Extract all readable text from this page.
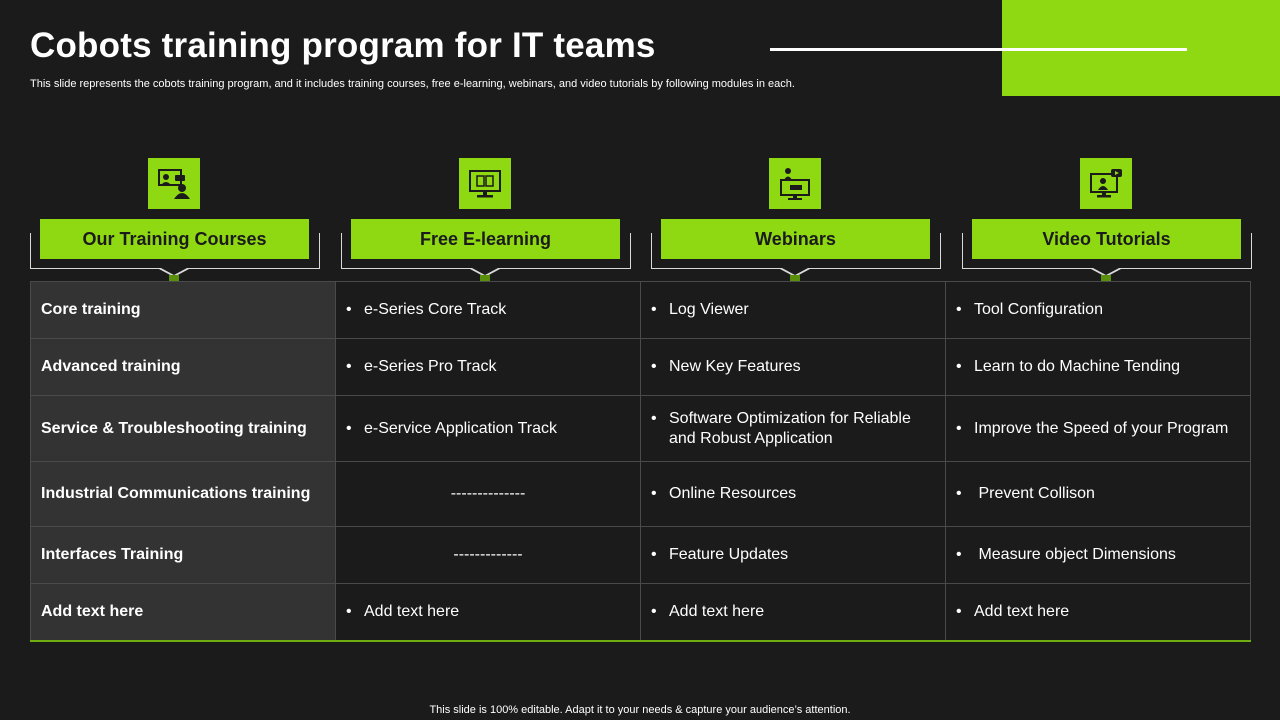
Cobots training program for IT teams

This slide represents the cobots training program, and it includes training courses, free e-learning, webinars, and video tutorials by following modules in each.

Our Training Courses	Free E-learning	Webinars	Video Tutorials
Core training	• e-Series Core Track	• Log Viewer	• Tool Configuration

Advanced training	• e-Series Pro Track	• New Key Features	• Learn to do Machine Tending

Service & Troubleshooting training	• e-Service Application Track	• Software Optimization for Reliable and Robust Application	• Improve the Speed of your Program

Industrial Communications training	--------------	• Online Resources	• Prevent Collison

Interfaces Training	-------------	• Feature Updates	• Measure object Dimensions

Add text here	• Add text here	• Add text here	• Add text here
This slide is 100% editable. Adapt it to your needs & capture your audience’s attention.
